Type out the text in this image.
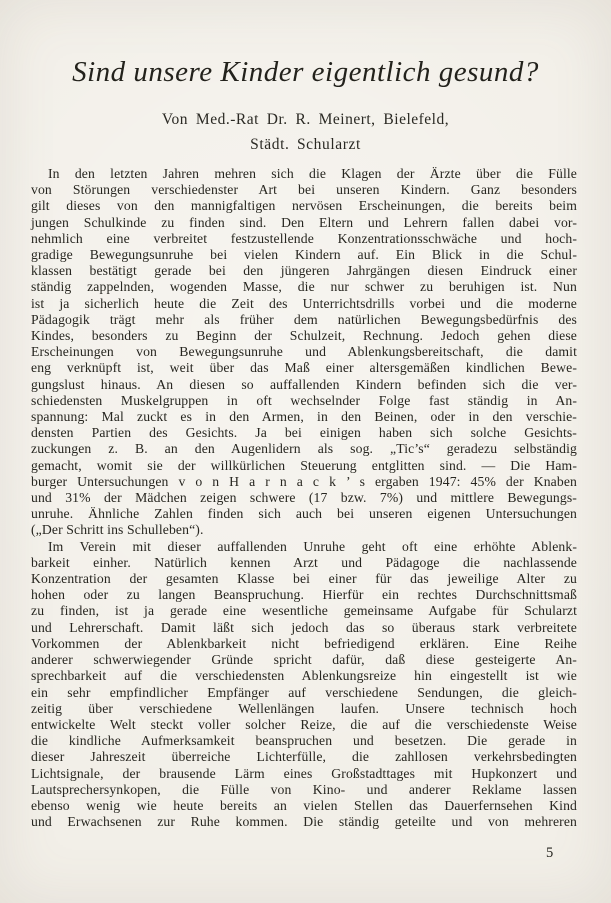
Sind unsere Kinder eigentlich gesund?
Von Med.-Rat Dr. R. Meinert, Bielefeld,
Städt. Schularzt
In den letzten Jahren mehren sich die Klagen der Ärzte über die Fülle
von Störungen verschiedenster Art bei unseren Kindern. Ganz besonders
gilt dieses von den mannigfaltigen nervösen Erscheinungen, die bereits beim
jungen Schulkinde zu finden sind. Den Eltern und Lehrern fallen dabei vor-
nehmlich eine verbreitet festzustellende Konzentrationsschwäche und hoch-
gradige Bewegungsunruhe bei vielen Kindern auf. Ein Blick in die Schul-
klassen bestätigt gerade bei den jüngeren Jahrgängen diesen Eindruck einer
ständig zappelnden, wogenden Masse, die nur schwer zu beruhigen ist. Nun
ist ja sicherlich heute die Zeit des Unterrichtsdrills vorbei und die moderne
Pädagogik trägt mehr als früher dem natürlichen Bewegungsbedürfnis des
Kindes, besonders zu Beginn der Schulzeit, Rechnung. Jedoch gehen diese
Erscheinungen von Bewegungsunruhe und Ablenkungsbereitschaft, die damit
eng verknüpft ist, weit über das Maß einer altersgemäßen kindlichen Bewe-
gungslust hinaus. An diesen so auffallenden Kindern befinden sich die ver-
schiedensten Muskelgruppen in oft wechselnder Folge fast ständig in An-
spannung: Mal zuckt es in den Armen, in den Beinen, oder in den verschie-
densten Partien des Gesichts. Ja bei einigen haben sich solche Gesichts-
zuckungen z. B. an den Augenlidern als sog. „Tic’s“ geradezu selbständig
gemacht, womit sie der willkürlichen Steuerung entglitten sind. — Die Ham-
burger Untersuchungen v o n H a r n a c k ’ s ergaben 1947: 45% der Knaben
und 31% der Mädchen zeigen schwere (17 bzw. 7%) und mittlere Bewegungs-
unruhe. Ähnliche Zahlen finden sich auch bei unseren eigenen Untersuchungen
(„Der Schritt ins Schulleben“).
Im Verein mit dieser auffallenden Unruhe geht oft eine erhöhte Ablenk-
barkeit einher. Natürlich kennen Arzt und Pädagoge die nachlassende
Konzentration der gesamten Klasse bei einer für das jeweilige Alter zu
hohen oder zu langen Beanspruchung. Hierfür ein rechtes Durchschnittsmaß
zu finden, ist ja gerade eine wesentliche gemeinsame Aufgabe für Schularzt
und Lehrerschaft. Damit läßt sich jedoch das so überaus stark verbreitete
Vorkommen der Ablenkbarkeit nicht befriedigend erklären. Eine Reihe
anderer schwerwiegender Gründe spricht dafür, daß diese gesteigerte An-
sprechbarkeit auf die verschiedensten Ablenkungsreize hin eingestellt ist wie
ein sehr empfindlicher Empfänger auf verschiedene Sendungen, die gleich-
zeitig über verschiedene Wellenlängen laufen. Unsere technisch hoch
entwickelte Welt steckt voller solcher Reize, die auf die verschiedenste Weise
die kindliche Aufmerksamkeit beanspruchen und besetzen. Die gerade in
dieser Jahreszeit überreiche Lichterfülle, die zahllosen verkehrsbedingten
Lichtsignale, der brausende Lärm eines Großstadttages mit Hupkonzert und
Lautsprechersynkopen, die Fülle von Kino- und anderer Reklame lassen
ebenso wenig wie heute bereits an vielen Stellen das Dauerfernsehen Kind
und Erwachsenen zur Ruhe kommen. Die ständig geteilte und von mehreren
5
